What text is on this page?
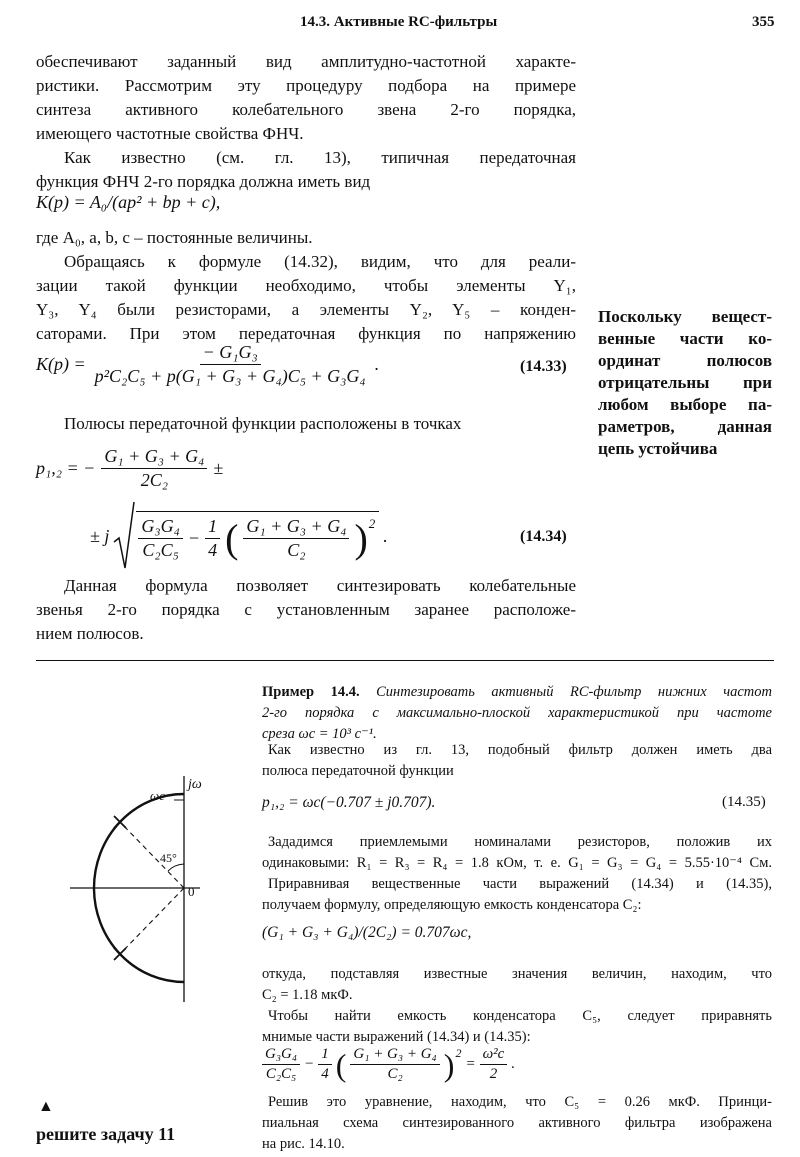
14.3. Активные RC-фильтры	355
обеспечивают заданный вид амплитудно-частотной характе-
ристики. Рассмотрим эту процедуру подбора на примере
синтеза активного колебательного звена 2-го порядка,
имеющего частотные свойства ФНЧ.
Как известно (см. гл. 13), типичная передаточная
функция ФНЧ 2-го порядка должна иметь вид
K(p) = A₀/(ap² + bp + c),
где A₀, a, b, c – постоянные величины.
Обращаясь к формуле (14.32), видим, что для реали-
зации такой функции необходимо, чтобы элементы Y₁,
Y₃, Y₄ были резисторами, а элементы Y₂, Y₅ – конден-
саторами. При этом передаточная функция по напряжению
$K(p) = \frac{\text{− G₁G₃}}{\text{p²C₂C₅ + p(G₁ + G₃ + G₄)C₅ + G₃G₄}}$ .	(14.33)
Полюсы передаточной функции расположены в точках
p₁,₂ = − $\frac{\text{G₁ + G₃ + G₄}}{\text{2C₂}}$ ±
± j $\frac{\text{G₃G₄}}{\text{C₂C₅}} - \frac{1}{4}$ ( $\frac{\text{G₁ + G₃ + G₄}}{\text{C₂}} )^2$
.	(14.34)
Данная формула позволяет синтезировать колебательные
звенья 2-го порядка с установленным заранее расположе-
нием полюсов.
Поскольку вещест-
венные части ко-
ординат полюсов
отрицательны при
любом выборе па-
раметров, данная
цепь устойчива
Пример 14.4. Синтезировать активный RC-фильтр нижних частот
2-го порядка с максимально-плоской характеристикой при частоте
среза ωc = 10³ с⁻¹.
Как известно из гл. 13, подобный фильтр должен иметь два
полюса передаточной функции
p₁,₂ = ωc(−0.707 ± j0.707).	(14.35)
Зададимся приемлемыми номиналами резисторов, положив их
одинаковыми: R₁ = R₃ = R₄ = 1.8 кОм, т. е. G₁ = G₃ = G₄ = 5.55·10⁻⁴ См.
Приравнивая вещественные части выражений (14.34) и (14.35),
получаем формулу, определяющую емкость конденсатора C₂:
(G₁ + G₃ + G₄)/(2C₂) = 0.707ωc,
откуда, подставляя известные значения величин, находим, что
C₂ = 1.18 мкФ.
Чтобы найти емкость конденсатора C₅, следует приравнять
мнимые части выражений (14.34) и (14.35):
$\frac{\text{G₃G₄}}{\text{C₂C₅}} - \frac{1}{4}$ ( $\frac{\text{G₁ + G₃ + G₄}}{\text{C₂}} )^2$
= $\frac{\text{ω²c}}{2}$ .
Решив это уравнение, находим, что C₅ = 0.26 мкФ. Принци-
пиальная схема синтезированного активного фильтра изображена
на рис. 14.10.
jω
ωc
45°
0
▲
решите задачу 11
